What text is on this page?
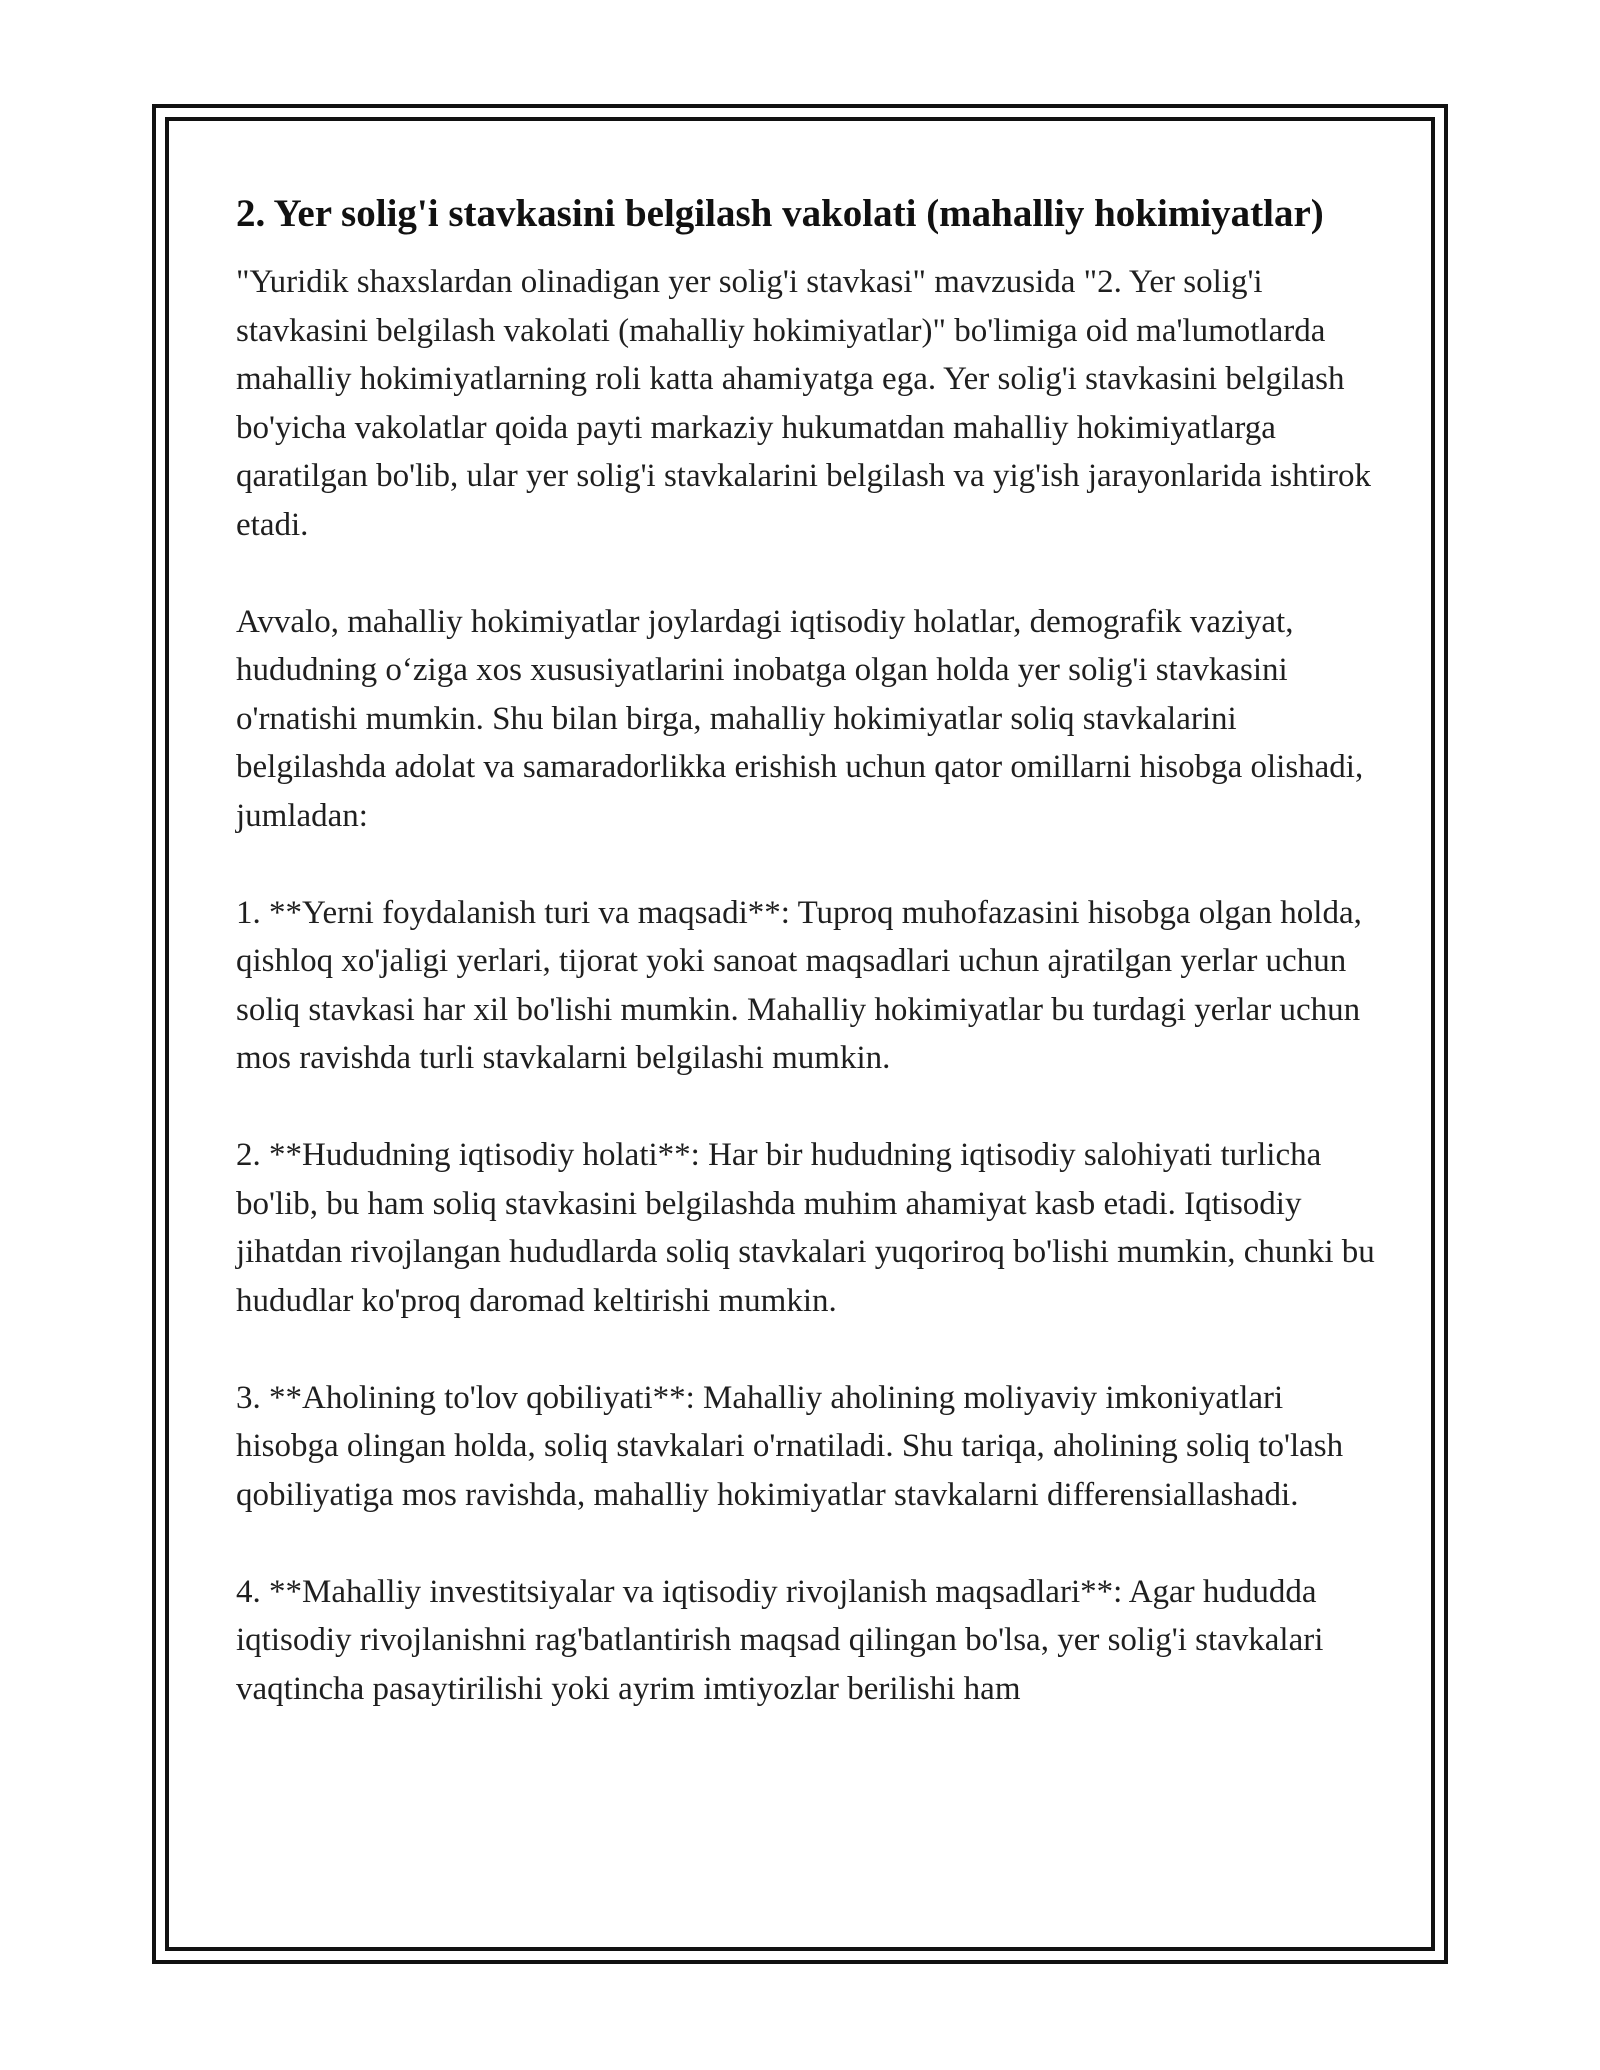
2. Yer solig'i stavkasini belgilash vakolati (mahalliy hokimiyatlar)

"Yuridik shaxslardan olinadigan yer solig'i stavkasi" mavzusida "2. Yer solig'i stavkasini belgilash vakolati (mahalliy hokimiyatlar)" bo'limiga oid ma'lumotlarda mahalliy hokimiyatlarning roli katta ahamiyatga ega. Yer solig'i stavkasini belgilash bo'yicha vakolatlar qoida payti markaziy hukumatdan mahalliy hokimiyatlarga qaratilgan bo'lib, ular yer solig'i stavkalarini belgilash va yig'ish jarayonlarida ishtirok etadi.

Avvalo, mahalliy hokimiyatlar joylardagi iqtisodiy holatlar, demografik vaziyat, hududning o‘ziga xos xususiyatlarini inobatga olgan holda yer solig'i stavkasini o'rnatishi mumkin. Shu bilan birga, mahalliy hokimiyatlar soliq stavkalarini belgilashda adolat va samaradorlikka erishish uchun qator omillarni hisobga olishadi, jumladan:

1. **Yerni foydalanish turi va maqsadi**: Tuproq muhofazasini hisobga olgan holda, qishloq xo'jaligi yerlari, tijorat yoki sanoat maqsadlari uchun ajratilgan yerlar uchun soliq stavkasi har xil bo'lishi mumkin. Mahalliy hokimiyatlar bu turdagi yerlar uchun mos ravishda turli stavkalarni belgilashi mumkin.

2. **Hududning iqtisodiy holati**: Har bir hududning iqtisodiy salohiyati turlicha bo'lib, bu ham soliq stavkasini belgilashda muhim ahamiyat kasb etadi. Iqtisodiy jihatdan rivojlangan hududlarda soliq stavkalari yuqoriroq bo'lishi mumkin, chunki bu hududlar ko'proq daromad keltirishi mumkin.

3. **Aholining to'lov qobiliyati**: Mahalliy aholining moliyaviy imkoniyatlari hisobga olingan holda, soliq stavkalari o'rnatiladi. Shu tariqa, aholining soliq to'lash qobiliyatiga mos ravishda, mahalliy hokimiyatlar stavkalarni differensiallashadi.

4. **Mahalliy investitsiyalar va iqtisodiy rivojlanish maqsadlari**: Agar hududda iqtisodiy rivojlanishni rag'batlantirish maqsad qilingan bo'lsa, yer solig'i stavkalari vaqtincha pasaytirilishi yoki ayrim imtiyozlar berilishi ham
